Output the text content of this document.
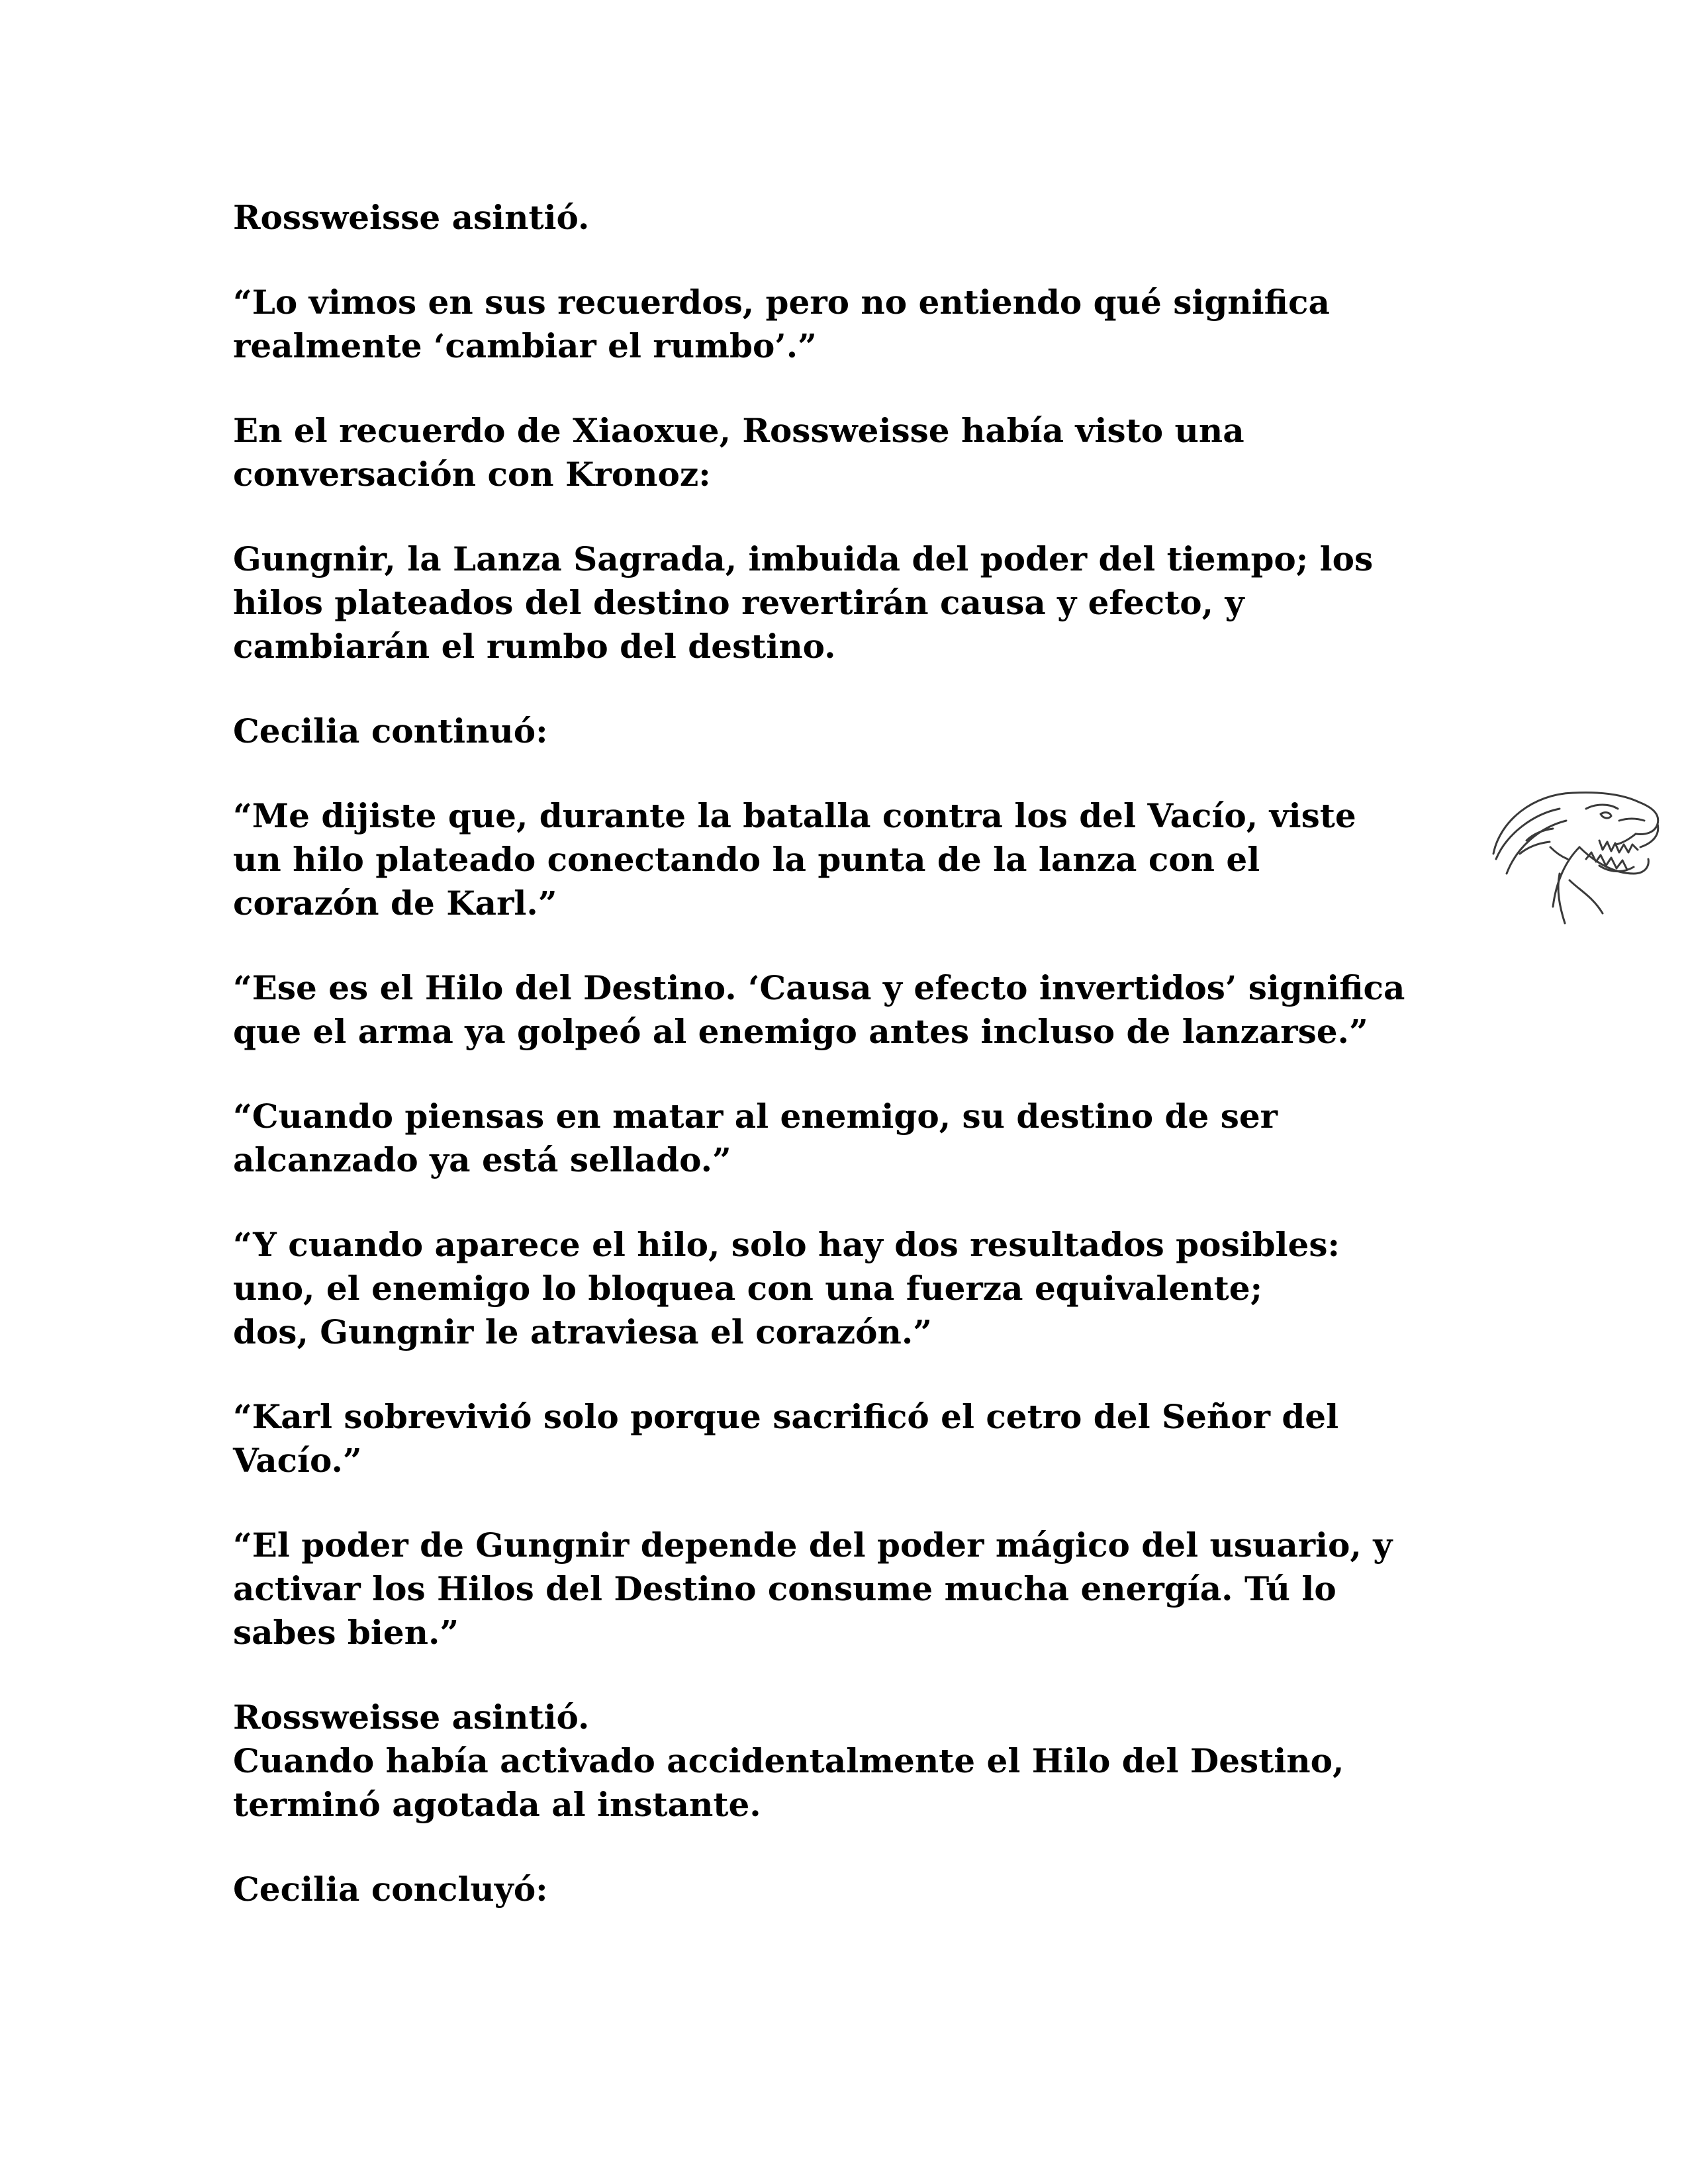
Rossweisse asintió.

“Lo vimos en sus recuerdos, pero no entiendo qué significa
realmente ‘cambiar el rumbo’.”

En el recuerdo de Xiaoxue, Rossweisse había visto una
conversación con Kronoz:

Gungnir, la Lanza Sagrada, imbuida del poder del tiempo; los
hilos plateados del destino revertirán causa y efecto, y
cambiarán el rumbo del destino.

Cecilia continuó:

“Me dijiste que, durante la batalla contra los del Vacío, viste
un hilo plateado conectando la punta de la lanza con el
corazón de Karl.”

“Ese es el Hilo del Destino. ‘Causa y efecto invertidos’ significa
que el arma ya golpeó al enemigo antes incluso de lanzarse.”

“Cuando piensas en matar al enemigo, su destino de ser
alcanzado ya está sellado.”

“Y cuando aparece el hilo, solo hay dos resultados posibles:
uno, el enemigo lo bloquea con una fuerza equivalente;
dos, Gungnir le atraviesa el corazón.”

“Karl sobrevivió solo porque sacrificó el cetro del Señor del
Vacío.”

“El poder de Gungnir depende del poder mágico del usuario, y
activar los Hilos del Destino consume mucha energía. Tú lo
sabes bien.”

Rossweisse asintió.
Cuando había activado accidentalmente el Hilo del Destino,
terminó agotada al instante.

Cecilia concluyó:
